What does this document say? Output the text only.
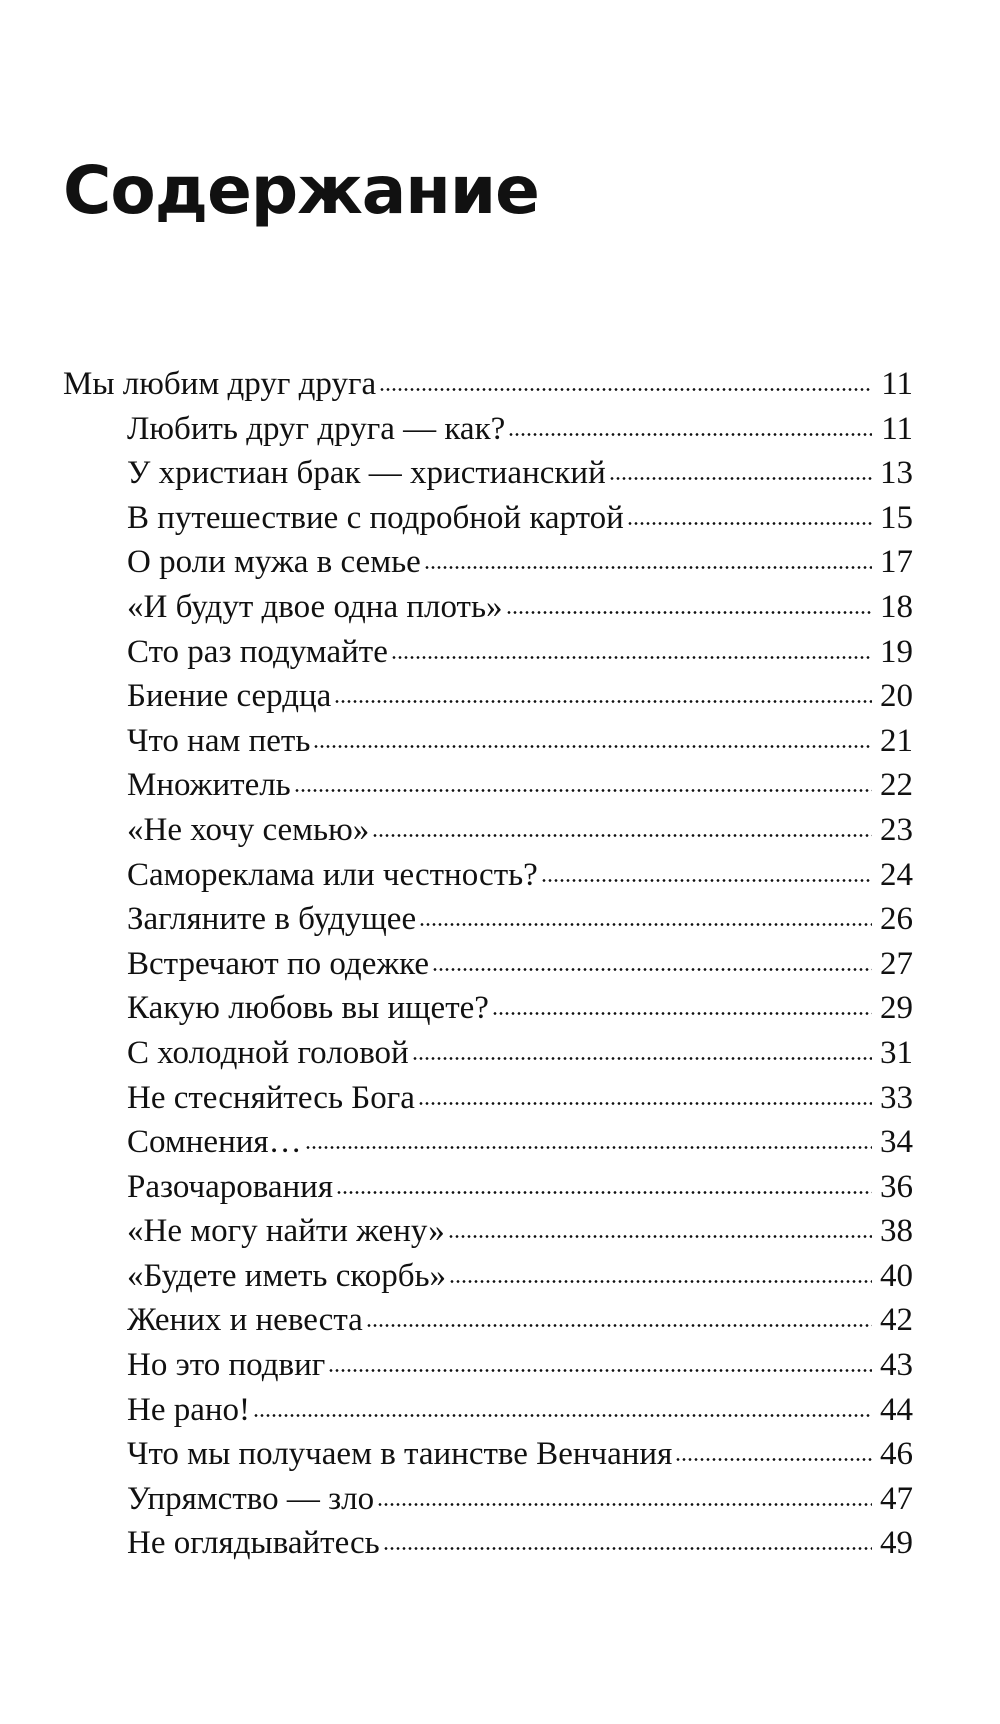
Содержание
Мы любим друг друга	11
Любить друг друга — как?	11
У христиан брак — христианский	13
В путешествие с подробной картой	15
О роли мужа в семье	17
«И будут двое одна плоть»	18
Сто раз подумайте	19
Биение сердца	20
Что нам петь	21
Множитель	22
«Не хочу семью»	23
Самореклама или честность?	24
Загляните в будущее	26
Встречают по одежке	27
Какую любовь вы ищете?	29
С холодной головой	31
Не стесняйтесь Бога	33
Сомнения…	34
Разочарования	36
«Не могу найти жену»	38
«Будете иметь скорбь»	40
Жених и невеста	42
Но это подвиг	43
Не рано!	44
Что мы получаем в таинстве Венчания	46
Упрямство — зло	47
Не оглядывайтесь	49
